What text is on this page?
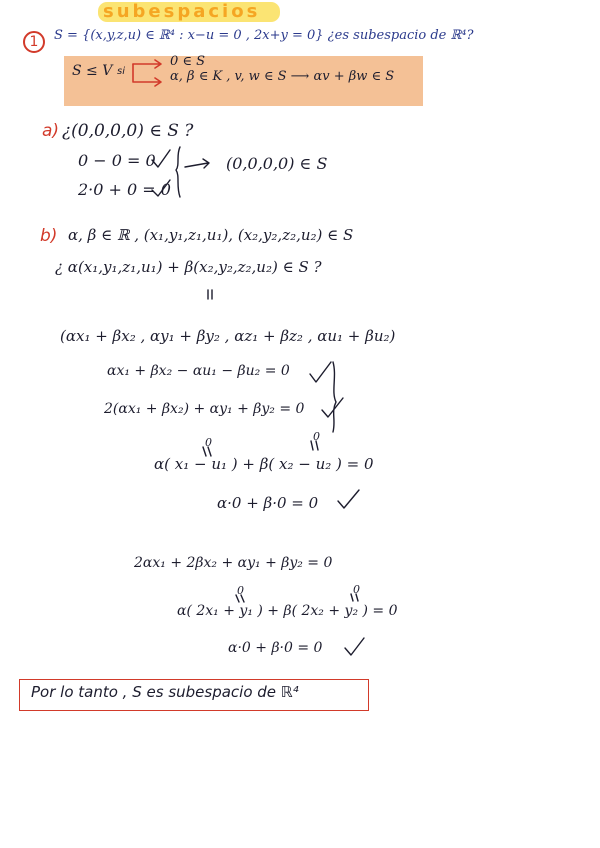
subespacios
1	S = {(x,y,z,u) ∈ ℝ⁴ : x−u = 0 , 2x+y = 0} ¿es subespacio de ℝ⁴?
S ≤ V si
0 ∈ S
α, β ∈ K , v, w ∈ S ⟶ αv + βw ∈ S
a) ¿(0,0,0,0) ∈ S ?
0 − 0 = 0
2·0 + 0 = 0
(0,0,0,0) ∈ S
b) α, β ∈ ℝ , (x₁,y₁,z₁,u₁), (x₂,y₂,z₂,u₂) ∈ S
¿ α(x₁,y₁,z₁,u₁) + β(x₂,y₂,z₂,u₂) ∈ S ?
(αx₁ + βx₂ , αy₁ + βy₂ , αz₁ + βz₂ , αu₁ + βu₂)
αx₁ + βx₂ − αu₁ − βu₂ = 0
2(αx₁ + βx₂) + αy₁ + βy₂ = 0
0	0
α( x₁ − u₁ ) + β( x₂ − u₂ ) = 0
α·0 + β·0 = 0
2αx₁ + 2βx₂ + αy₁ + βy₂ = 0
0	0
α( 2x₁ + y₁ ) + β( 2x₂ + y₂ ) = 0
α·0 + β·0 = 0
Por lo tanto , S es subespacio de ℝ⁴
